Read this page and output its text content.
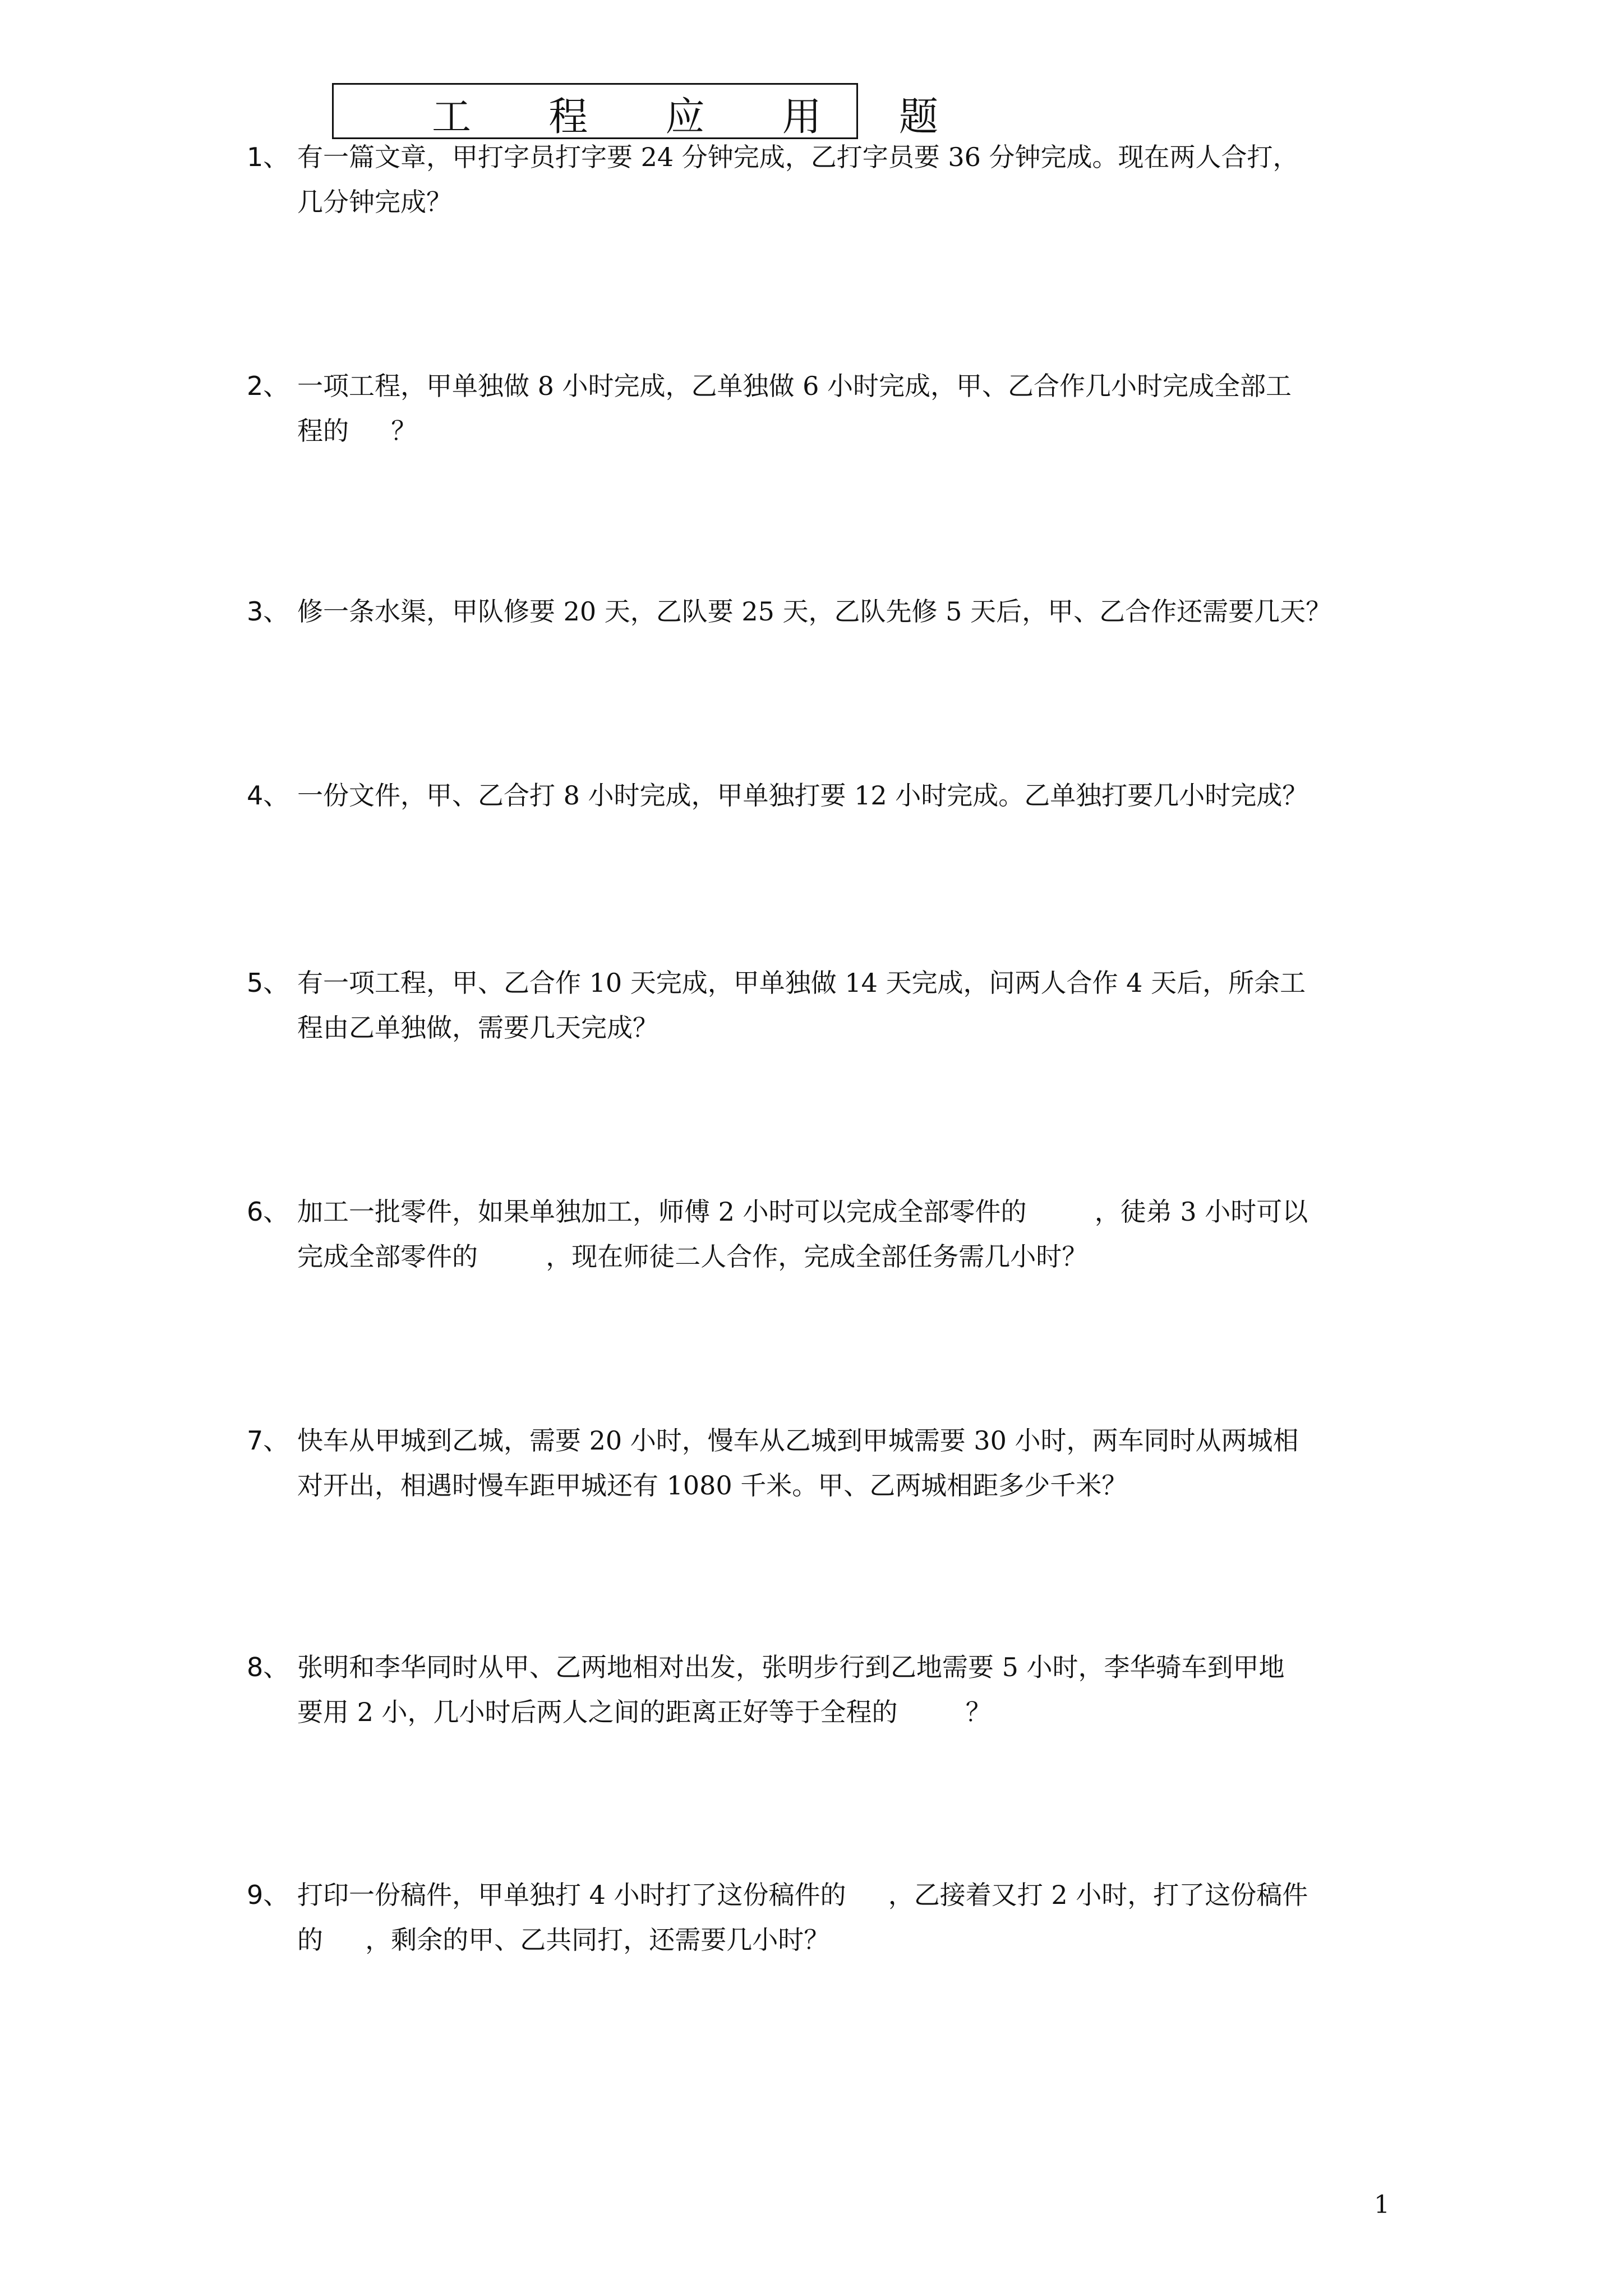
工 程 应 用 题
1、 有一篇文章，甲打字员打字要 24 分钟完成，乙打字员要 36 分钟完成。现在两人合打，
几分钟完成？
2、 一项工程，甲单独做 8 小时完成，乙单独做 6 小时完成，甲、乙合作几小时完成全部工
程的 　 ？
3、 修一条水渠，甲队修要 20 天，乙队要 25 天，乙队先修 5 天后，甲、乙合作还需要几天？
4、 一份文件，甲、乙合打 8 小时完成，甲单独打要 12 小时完成。乙单独打要几小时完成？
5、 有一项工程，甲、乙合作 10 天完成，甲单独做 14 天完成，问两人合作 4 天后，所余工
程由乙单独做，需要几天完成？
6、 加工一批零件，如果单独加工，师傅 2 小时可以完成全部零件的 　　 ，徒弟 3 小时可以
完成全部零件的 　　 ，现在师徒二人合作，完成全部任务需几小时？
7、 快车从甲城到乙城，需要 20 小时，慢车从乙城到甲城需要 30 小时，两车同时从两城相
对开出，相遇时慢车距甲城还有 1080 千米。甲、乙两城相距多少千米？
8、 张明和李华同时从甲、乙两地相对出发，张明步行到乙地需要 5 小时，李华骑车到甲地
要用 2 小，几小时后两人之间的距离正好等于全程的 　　 ？
9、 打印一份稿件，甲单独打 4 小时打了这份稿件的 　 ，乙接着又打 2 小时，打了这份稿件
的 　 ，剩余的甲、乙共同打，还需要几小时？
1
